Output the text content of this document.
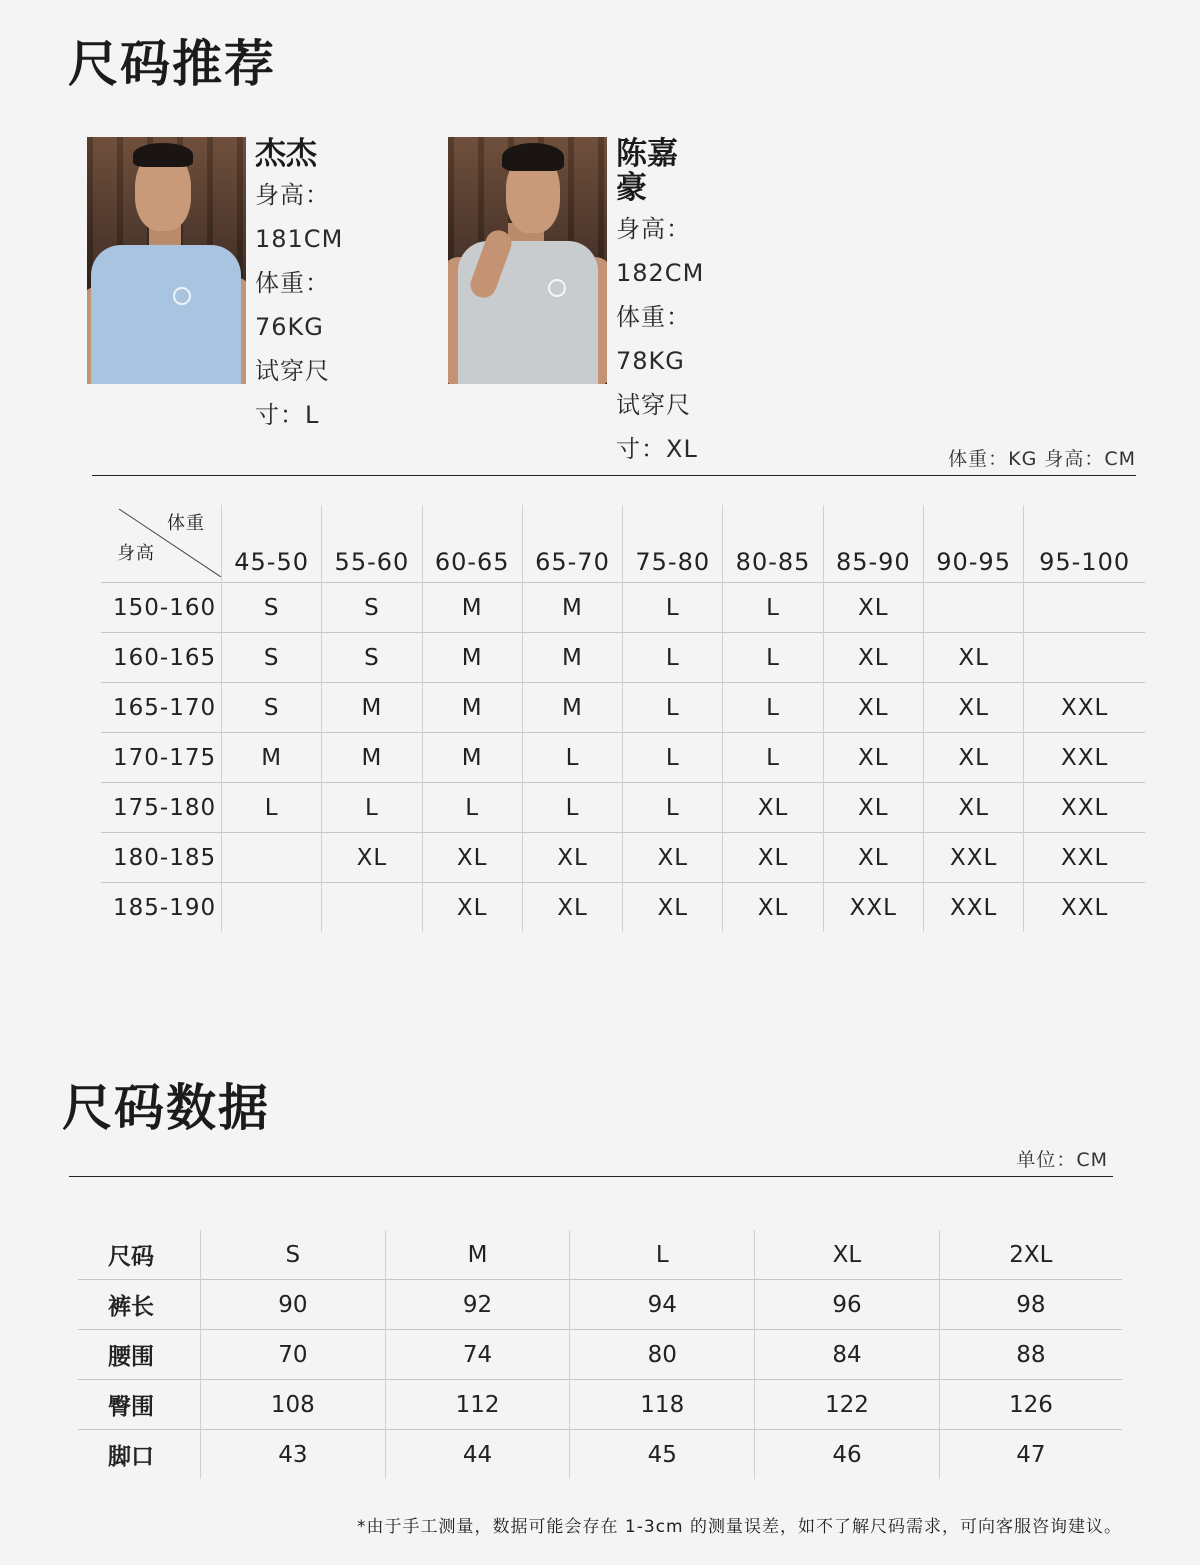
尺码推荐

杰杰

身高：181CM
体重：76KG
试穿尺寸：L

陈嘉豪

身高：182CM
体重：78KG
试穿尺寸：XL	体重：KG 身高：CM
体重
身高	45-50	55-60	60-65	65-70	75-80	80-85	85-90	90-95	95-100
150-160	S	S	M	M	L	L	XL		
160-165	S	S	M	M	L	L	XL	XL	
165-170	S	M	M	M	L	L	XL	XL	XXL
170-175	M	M	M	L	L	L	XL	XL	XXL
175-180	L	L	L	L	L	XL	XL	XL	XXL
180-185		XL	XL	XL	XL	XL	XL	XXL	XXL
185-190			XL	XL	XL	XL	XXL	XXL	XXL
尺码数据
单位：CM
尺码	S	M	L	XL	2XL
裤长	90	92	94	96	98
腰围	70	74	80	84	88
臀围	108	112	118	122	126
脚口	43	44	45	46	47
*由于手工测量，数据可能会存在 1-3cm 的测量误差，如不了解尺码需求，可向客服咨询建议。
